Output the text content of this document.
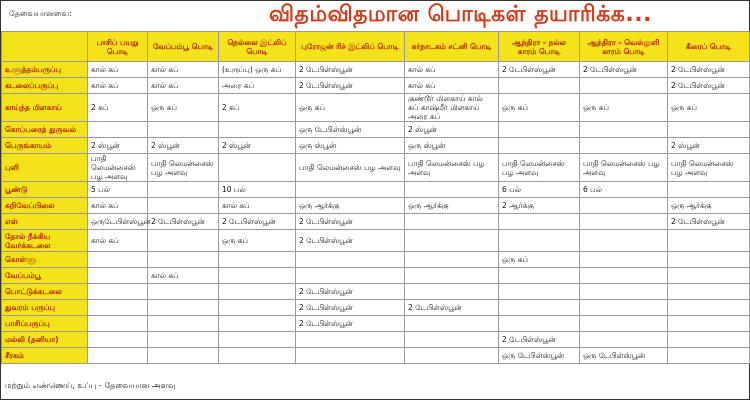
தேவையானவை:	விதம்விதமான பொடிகள் தயாரிக்க...
	பாசிப் பயறு பொடி	வேப்பம்பூ பொடி	நெல்லை இட்லிப் பொடி	புரோஜன் ரிச் இட்லிப் பொடி	கர்நாடகம் சட்னி பொடி	ஆந்திரா - நல்ல காரம் பொடி	ஆந்திரா - வெல்லுளி காரம் பொடி	கீரைப் பொடி
உளுத்தம்பருப்பு	கால் கப்	கால் கப்	(உருப்பு) ஒரு கப்	2 டேபிள்ஸ்பூன்	கால் கப்	2 டேபிள்ஸ்பூன்	2 டேபிள்ஸ்பூன்	2 டேபிள்ஸ்பூன்
கடலைப்பருப்பு	கால் கப்	கால் கப்	அரை கப்	2 டேபிள்ஸ்பூன்	கால் கப்			2 டேபிள்ஸ்பூன்
காய்ந்த மிளகாய்	2 கப்	ஒரு கப்	2 கப்	ஒரு கப்	குண்டூர் மிளகாய் கால் கப் காஷ்மீர் மிளகாய் அரை கப்	ஒரு கப்	ஒரு கப்	ஒரு கப்
கொப்பரைத் துருவல்				ஒரு டேபிள்ஸ்பூன்	2 ஸ்பூன்			
பெருங்காயம்	2 ஸ்பூன்	2 ஸ்பூன்	2 ஸ்பூன்	ஒரு ஸ்பூன்	ஒரு ஸ்பூன்			2 ஸ்பூன்
புளி	பாதி லெமன்சைஸ் பழ அளவு	பாதி லெமன்சைஸ் பழ அளவு		பாதி லெமன்சைஸ் பழ அளவு	பாதி லெமன்சைஸ் பழ அளவு	பாதி லெமன்சைஸ் பழ அளவு	பாதி லெமன்சைஸ் பழ அளவு	பாதி லெமன்சைஸ் பழ அளவு
பூண்டு	5 பல்		10 பல்			6 பல்	6 பல்	
கறிவேப்பிலை	கால் கப்		கால் கப்	ஒரு ஆர்க்கு	ஒரு ஆர்க்கு	2 ஆர்க்கு		ஒரு ஆர்க்கு
எள்	ஒருடேபிள்ஸ்பூன்	2 டேபிள்ஸ்பூன்	2 டேபிள்ஸ்பூன்	2 டேபிள்ஸ்பூன்				2 டேபிள்ஸ்பூன்
தோல் நீக்கிய வேர்க்கடலை	கால் கப்		ஒரு கப்	2 டேபிள்ஸ்பூன்				
கொள்ளு						ஒரு கப்		
வேப்பம்பூ		கால் கப்						
பொட்டுக்கடலை				2 டேபிள்ஸ்பூன்				
துவரம் பருப்பு				2 டேபிள்ஸ்பூன்	2 டேபிள்ஸ்பூன்			
பாசிப்பருப்பு				2 டேபிள்ஸ்பூன்				
மல்லி (தனியா)						2 டேபிள்ஸ்பூன்		
சீரகம்						ஒரு டேபிள்ஸ்பூன்	ஒரு டேபிள்ஸ்பூன்	
மற்றும் எண்ணெய், உப்பு - தேவையான அளவு
